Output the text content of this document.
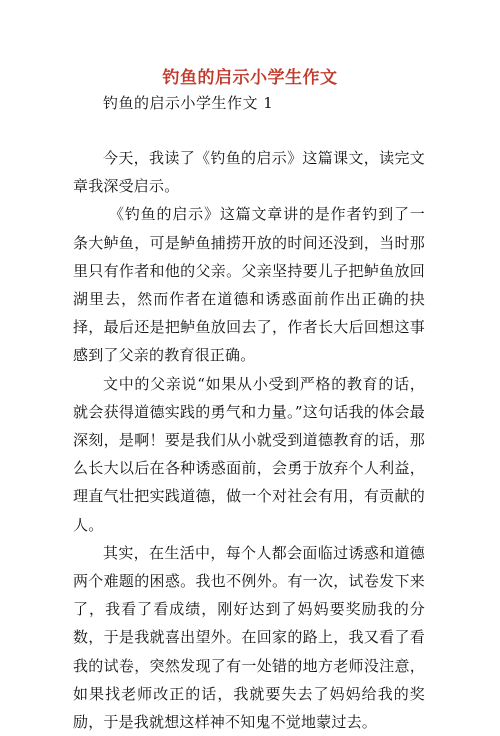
钓鱼的启示小学生作文
钓鱼的启示小学生作文 1

今天，我读了《钓鱼的启示》这篇课文，读完文章我深受启示。

《钓鱼的启示》这篇文章讲的是作者钓到了一条大鲈鱼，可是鲈鱼捕捞开放的时间还没到，当时那里只有作者和他的父亲。父亲坚持要儿子把鲈鱼放回湖里去，然而作者在道德和诱惑面前作出正确的抉择，最后还是把鲈鱼放回去了，作者长大后回想这事感到了父亲的教育很正确。

文中的父亲说“如果从小受到严格的教育的话，就会获得道德实践的勇气和力量。”这句话我的体会最深刻，是啊！要是我们从小就受到道德教育的话，那么长大以后在各种诱惑面前，会勇于放弃个人利益，理直气壮把实践道德，做一个对社会有用，有贡献的人。

其实，在生活中，每个人都会面临过诱惑和道德两个难题的困惑。我也不例外。有一次，试卷发下来了，我看了看成绩，刚好达到了妈妈要奖励我的分数，于是我就喜出望外。在回家的路上，我又看了看我的试卷，突然发现了有一处错的地方老师没注意，如果找老师改正的话，我就要失去了妈妈给我的奖励，于是我就想这样神不知鬼不觉地蒙过去。
